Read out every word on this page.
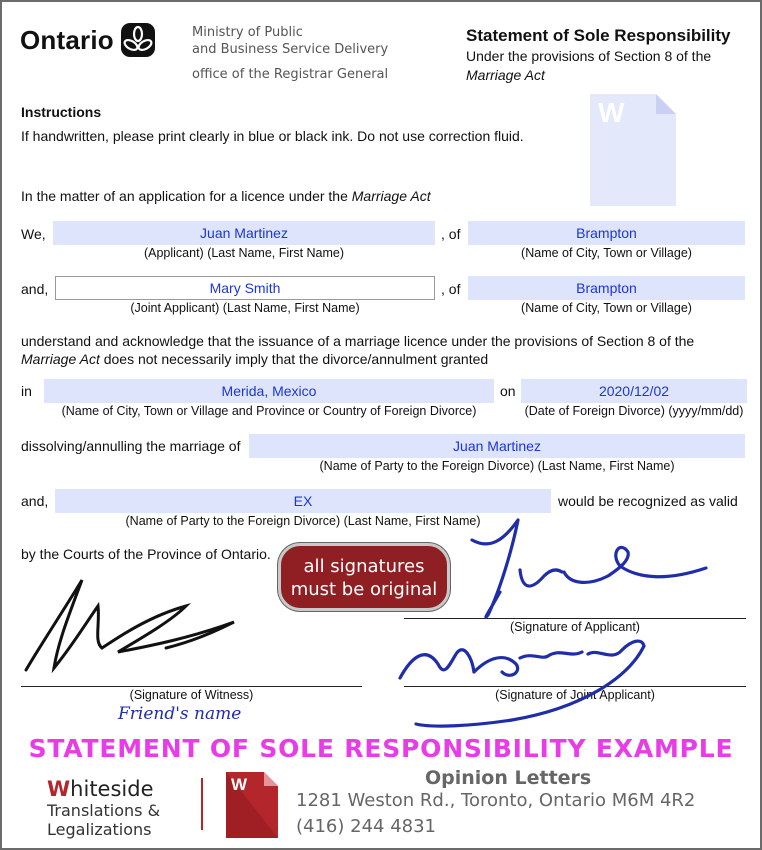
Ontario	Ministry of Public
and Business Service Delivery
office of the Registrar General
Statement of Sole Responsibility
Under the provisions of Section 8 of the
Marriage Act
W
Instructions
If handwritten, please print clearly in blue or black ink. Do not use correction fluid.
In the matter of an application for a licence under the Marriage Act
We,	Juan Martinez
(Applicant) (Last Name, First Name)
, of	Brampton
(Name of City, Town or Village)
and,	Mary Smith
(Joint Applicant) (Last Name, First Name)
, of	Brampton
(Name of City, Town or Village)
understand and acknowledge that the issuance of a marriage licence under the provisions of Section 8 of the
Marriage Act does not necessarily imply that the divorce/annulment granted
in	Merida, Mexico
(Name of City, Town or Village and Province or Country of Foreign Divorce)
on	2020/12/02
(Date of Foreign Divorce) (yyyy/mm/dd)
dissolving/annulling the marriage of	Juan Martinez
(Name of Party to the Foreign Divorce) (Last Name, First Name)
and,	EX
(Name of Party to the Foreign Divorce) (Last Name, First Name)
would be recognized as valid
by the Courts of the Province of Ontario.
all signatures
must be original
(Signature of Applicant)
(Signature of Witness)	(Signature of Joint Applicant)
Friend's name
STATEMENT OF SOLE RESPONSIBILITY EXAMPLE
Whiteside
Translations &
Legalizations
W	Opinion Letters
1281 Weston Rd., Toronto, Ontario M6M 4R2
(416) 244 4831
